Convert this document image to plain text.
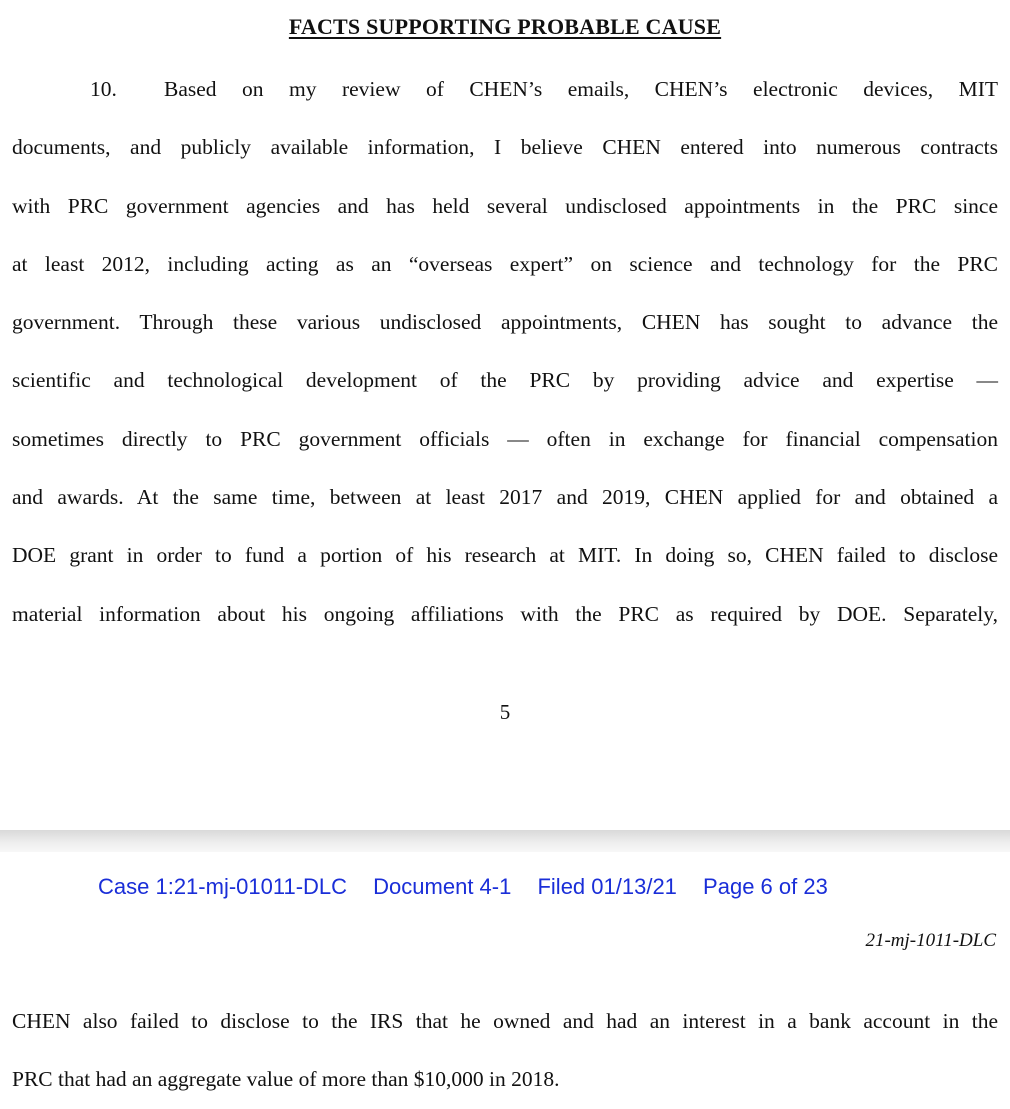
FACTS SUPPORTING PROBABLE CAUSE
10. Based on my review of CHEN’s emails, CHEN’s electronic devices, MIT
documents, and publicly available information, I believe CHEN entered into numerous contracts
with PRC government agencies and has held several undisclosed appointments in the PRC since
at least 2012, including acting as an “overseas expert” on science and technology for the PRC
government. Through these various undisclosed appointments, CHEN has sought to advance the
scientific and technological development of the PRC by providing advice and expertise —
sometimes directly to PRC government officials — often in exchange for financial compensation
and awards. At the same time, between at least 2017 and 2019, CHEN applied for and obtained a
DOE grant in order to fund a portion of his research at MIT. In doing so, CHEN failed to disclose
material information about his ongoing affiliations with the PRC as required by DOE. Separately,
5
Case 1:21-mj-01011-DLC Document 4-1 Filed 01/13/21 Page 6 of 23
21-mj-1011-DLC
CHEN also failed to disclose to the IRS that he owned and had an interest in a bank account in the
PRC that had an aggregate value of more than $10,000 in 2018.
